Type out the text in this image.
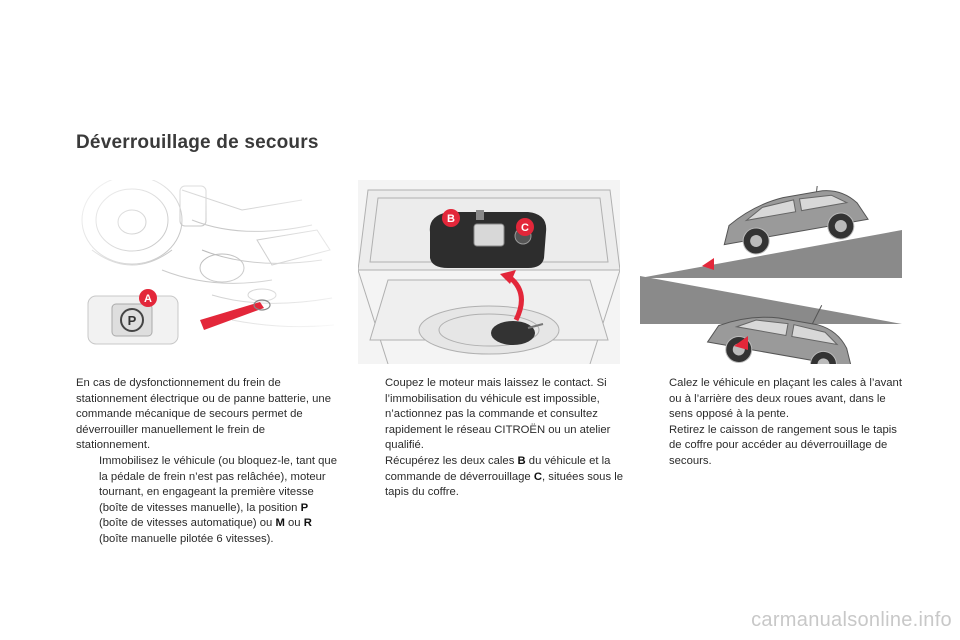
Déverrouillage de secours
P
A
B
C

En cas de dysfonctionnement du frein de stationnement électrique ou de panne batterie, une commande mécanique de secours permet de déverrouiller manuellement le frein de stationnement.

Immobilisez le véhicule (ou bloquez-le, tant que la pédale de frein n’est pas relâchée), moteur tournant, en engageant la première vitesse (boîte de vitesses manuelle), la position P (boîte de vitesses automatique) ou M ou R (boîte manuelle pilotée 6 vitesses).

Coupez le moteur mais laissez le contact. Si l’immobilisation du véhicule est impossible, n’actionnez pas la commande et consultez rapidement le réseau CITROËN ou un atelier qualifié.

Récupérez les deux cales B du véhicule et la commande de déverrouillage C, situées sous le tapis du coffre.

Calez le véhicule en plaçant les cales à l’avant ou à l’arrière des deux roues avant, dans le sens opposé à la pente.

Retirez le caisson de rangement sous le tapis de coffre pour accéder au déverrouillage de secours.

carmanualsonline.info
